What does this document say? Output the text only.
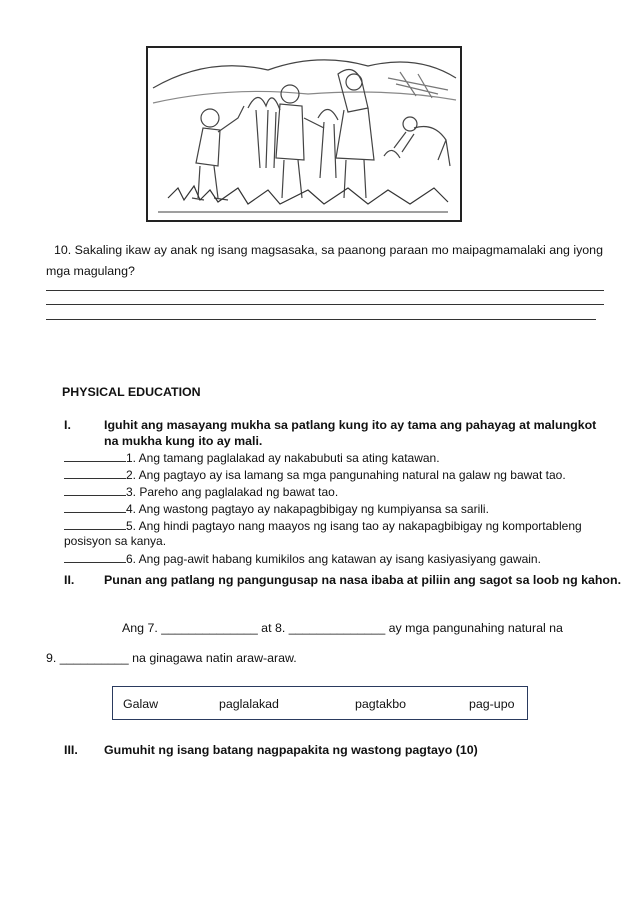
10. Sakaling ikaw ay anak ng isang magsasaka, sa paanong paraan mo maipagmamalaki ang iyong mga magulang?
PHYSICAL EDUCATION
I.	Iguhit ang masayang mukha sa patlang kung ito ay tama ang pahayag at malungkot na mukha kung ito ay mali.
1. Ang tamang paglalakad ay nakabubuti sa ating katawan.
2. Ang pagtayo ay isa lamang sa mga pangunahing natural na galaw ng bawat tao.
3. Pareho ang paglalakad ng bawat tao.
4. Ang wastong pagtayo ay nakapagbibigay ng kumpiyansa sa sarili.
5. Ang hindi pagtayo nang maayos ng isang tao ay nakapagbibigay ng komportableng
posisyon sa kanya.
6. Ang pag-awit habang kumikilos ang katawan ay isang kasiyasiyang gawain.
II.	Punan ang patlang ng pangungusap na nasa ibaba at piliin ang sagot sa loob ng kahon.
Ang 7. ______________ at 8. ______________ ay mga pangunahing natural na
9. __________ na ginagawa natin araw-araw.
Galaw	paglalakad	pagtakbo	pag-upo
III.	Gumuhit ng isang batang nagpapakita ng wastong pagtayo (10)
